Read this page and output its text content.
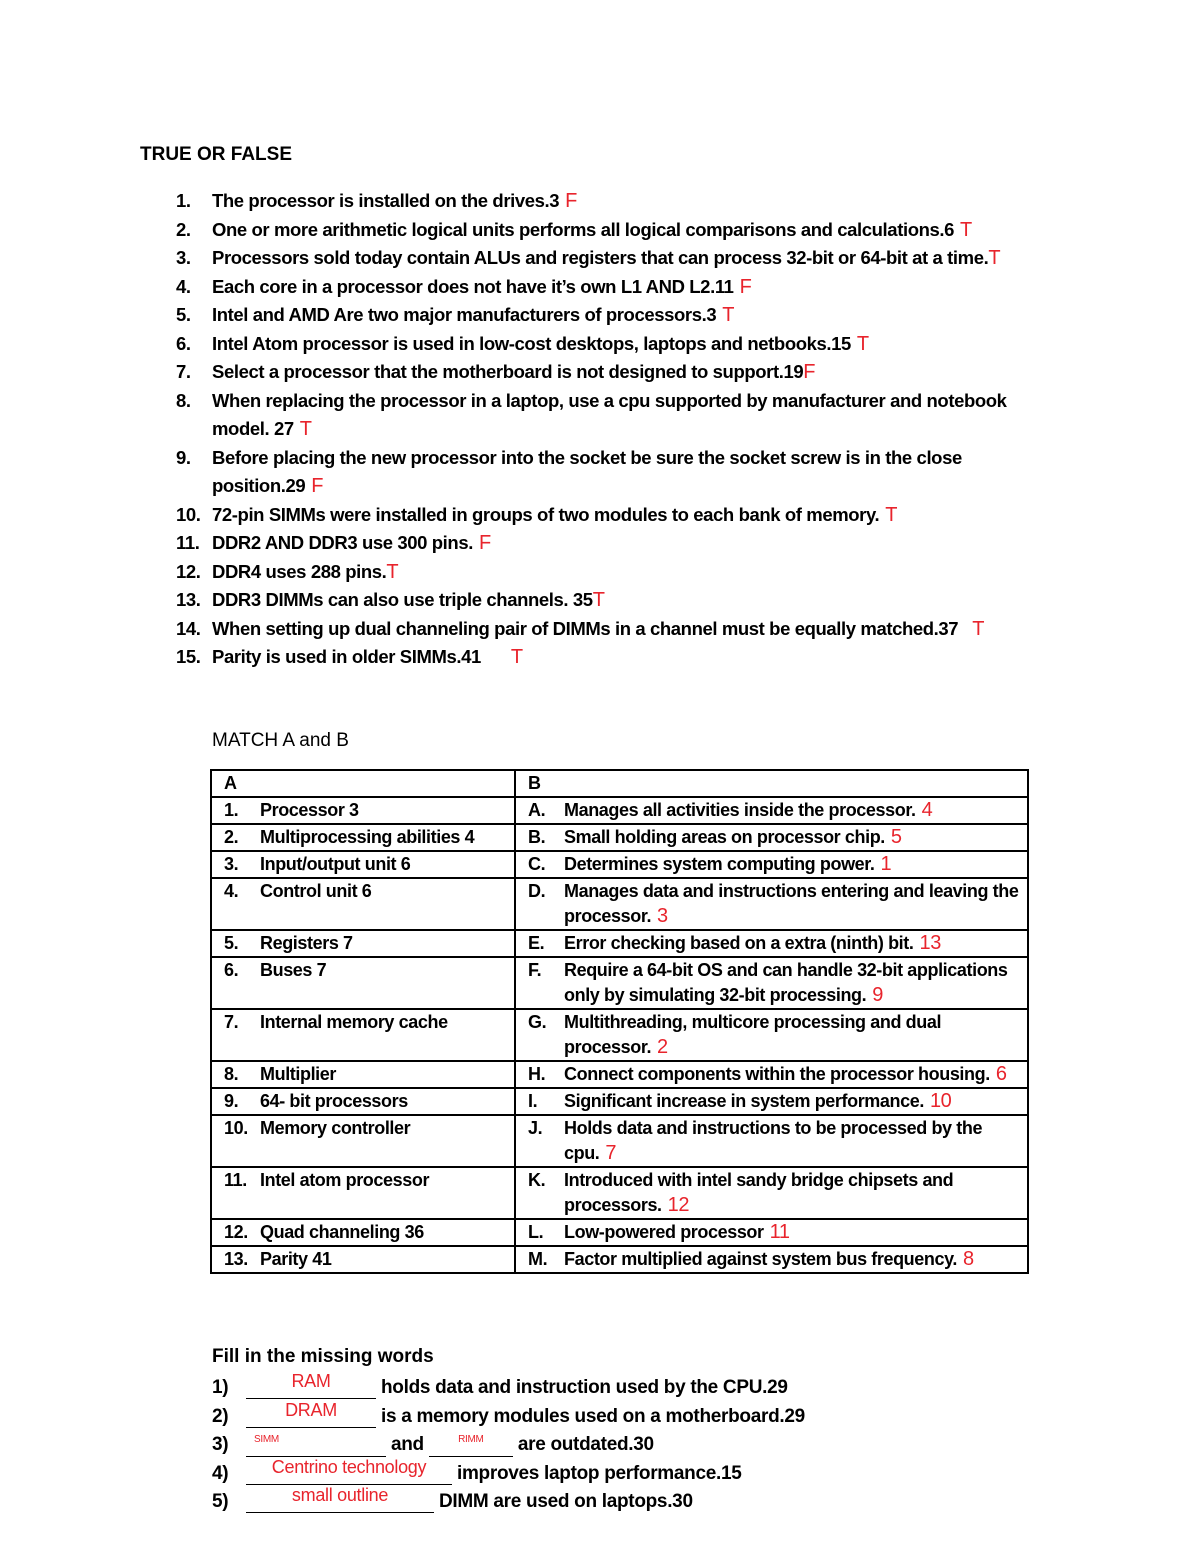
TRUE OR FALSE
1. The processor is installed on the drives.3 F
2. One or more arithmetic logical units performs all logical comparisons and calculations.6 T
3. Processors sold today contain ALUs and registers that can process 32-bit or 64-bit at a time.T
4. Each core in a processor does not have it’s own L1 AND L2.11 F
5. Intel and AMD Are two major manufacturers of processors.3 T
6. Intel Atom processor is used in low-cost desktops, laptops and netbooks.15 T
7. Select a processor that the motherboard is not designed to support.19F
8. When replacing the processor in a laptop, use a cpu supported by manufacturer and notebook model. 27 T
9. Before placing the new processor into the socket be sure the socket screw is in the close position.29 F
10. 72-pin SIMMs were installed in groups of two modules to each bank of memory. T
11. DDR2 AND DDR3 use 300 pins. F
12. DDR4 uses 288 pins.T
13. DDR3 DIMMs can also use triple channels. 35T
14. When setting up dual channeling pair of DIMMs in a channel must be equally matched.37 T
15. Parity is used in older SIMMs.41 T
MATCH A and B
A	B

1. Processor 3	A. Manages all activities inside the processor. 4

2. Multiprocessing abilities 4	B. Small holding areas on processor chip. 5

3. Input/output unit 6	C. Determines system computing power. 1

4. Control unit 6	D. Manages data and instructions entering and leaving the processor. 3

5. Registers 7	E. Error checking based on a extra (ninth) bit. 13

6. Buses 7	F. Require a 64-bit OS and can handle 32-bit applications only by simulating 32-bit processing. 9

7. Internal memory cache	G. Multithreading, multicore processing and dual processor. 2

8. Multiplier	H. Connect components within the processor housing. 6

9. 64- bit processors	I. Significant increase in system performance. 10

10. Memory controller	J. Holds data and instructions to be processed by the cpu. 7

11. Intel atom processor	K. Introduced with intel sandy bridge chipsets and processors. 12

12. Quad channeling 36	L. Low-powered processor 11

13. Parity 41	M. Factor multiplied against system bus frequency. 8
Fill in the missing words
1)	RAM	holds data and instruction used by the CPU.29
2)	DRAM is a memory modules used on a motherboard.29
3)	$^{SIMM}$	and	$^{RIMM}$ are outdated.30
4)	Centrino technology improves laptop performance.15
5)	small outline	DIMM are used on laptops.30
